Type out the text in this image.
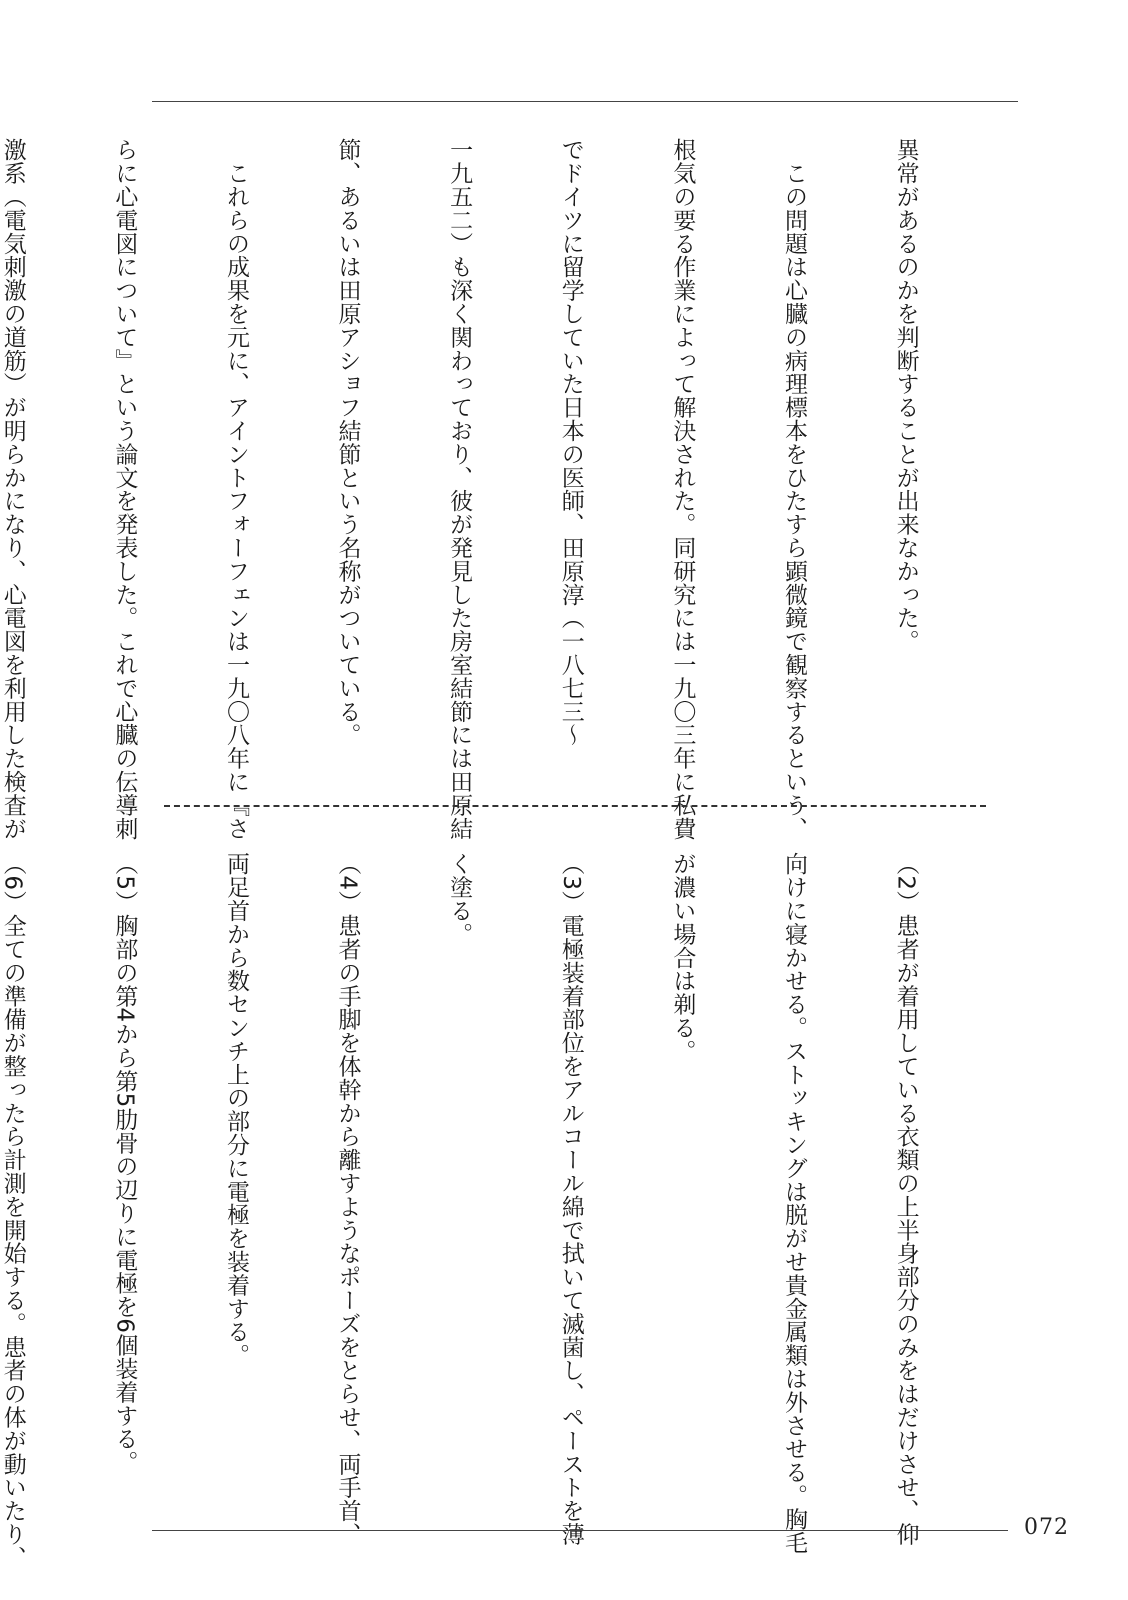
異常があるのかを判断することが出来なかった。

　この問題は心臓の病理標本をひたすら顕微鏡で観察するという、

根気の要る作業によって解決された。同研究には一九〇三年に私費

でドイツに留学していた日本の医師、田原淳（一八七三〜

一九五二）も深く関わっており、彼が発見した房室結節には田原結

節、あるいは田原アショフ結節という名称がついている。

　これらの成果を元に、アイントフォーフェンは一九〇八年に『さ

らに心電図について』という論文を発表した。これで心臓の伝導刺

激系（電気刺激の道筋）が明らかになり、心電図を利用した検査が

（2）患者が着用している衣類の上半身部分のみをはだけさせ、仰

向けに寝かせる。ストッキングは脱がせ貴金属類は外させる。胸毛

が濃い場合は剃る。

（3）電極装着部位をアルコール綿で拭いて滅菌し、ペーストを薄

く塗る。

（4）患者の手脚を体幹から離すようなポーズをとらせ、両手首、

両足首から数センチ上の部分に電極を装着する。

（5）胸部の第4から第5肋骨の辺りに電極を6個装着する。

（6）全ての準備が整ったら計測を開始する。患者の体が動いたり、

	072
